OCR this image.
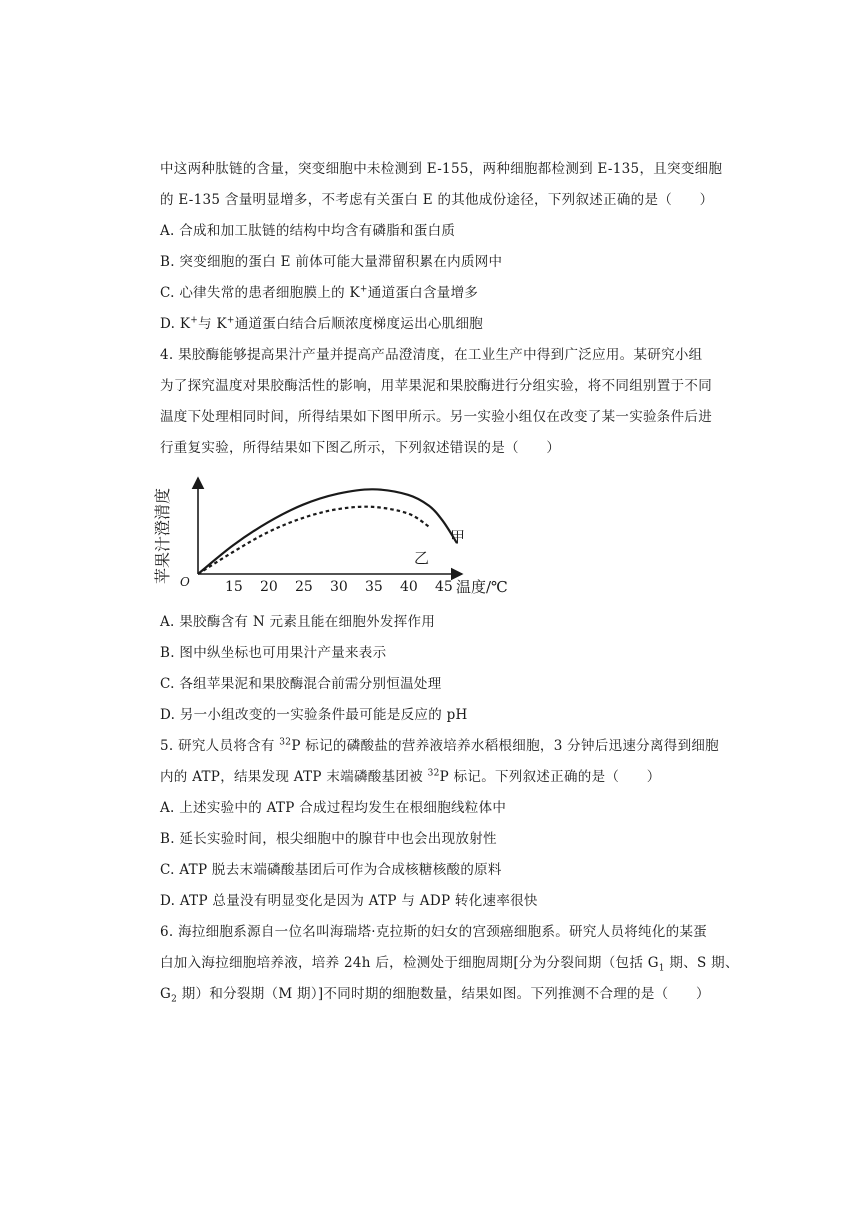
中这两种肽链的含量，突变细胞中未检测到 E-155，两种细胞都检测到 E-135，且突变细胞
的 E-135 含量明显增多，不考虑有关蛋白 E 的其他成份途径，下列叙述正确的是（　　）
A. 合成和加工肽链的结构中均含有磷脂和蛋白质
B. 突变细胞的蛋白 E 前体可能大量滞留积累在内质网中
C. 心律失常的患者细胞膜上的 K+通道蛋白含量增多
D. K+与 K+通道蛋白结合后顺浓度梯度运出心肌细胞
4. 果胶酶能够提高果汁产量并提高产品澄清度，在工业生产中得到广泛应用。某研究小组
为了探究温度对果胶酶活性的影响，用苹果泥和果胶酶进行分组实验，将不同组别置于不同
温度下处理相同时间，所得结果如下图甲所示。另一实验小组仅在改变了某一实验条件后进
行重复实验，所得结果如下图乙所示，下列叙述错误的是（　　）
苹果汁澄清度 O	温度/℃
15 20 25 30 35 40 45
甲
乙
A. 果胶酶含有 N 元素且能在细胞外发挥作用
B. 图中纵坐标也可用果汁产量来表示
C. 各组苹果泥和果胶酶混合前需分别恒温处理
D. 另一小组改变的一实验条件最可能是反应的 pH
5. 研究人员将含有 $^{32}$P 标记的磷酸盐的营养液培养水稻根细胞，3 分钟后迅速分离得到细胞
内的 ATP，结果发现 ATP 末端磷酸基团被 $^{32}$P 标记。下列叙述正确的是（　　）
A. 上述实验中的 ATP 合成过程均发生在根细胞线粒体中
B. 延长实验时间，根尖细胞中的腺苷中也会出现放射性
C. ATP 脱去末端磷酸基团后可作为合成核糖核酸的原料
D. ATP 总量没有明显变化是因为 ATP 与 ADP 转化速率很快
6. 海拉细胞系源自一位名叫海瑞塔·克拉斯的妇女的宫颈癌细胞系。研究人员将纯化的某蛋
白加入海拉细胞培养液，培养 24h 后，检测处于细胞周期[分为分裂间期（包括 $G_1$ 期、S 期、
$G_2$ 期）和分裂期（M 期）]不同时期的细胞数量，结果如图。下列推测不合理的是（　　）
